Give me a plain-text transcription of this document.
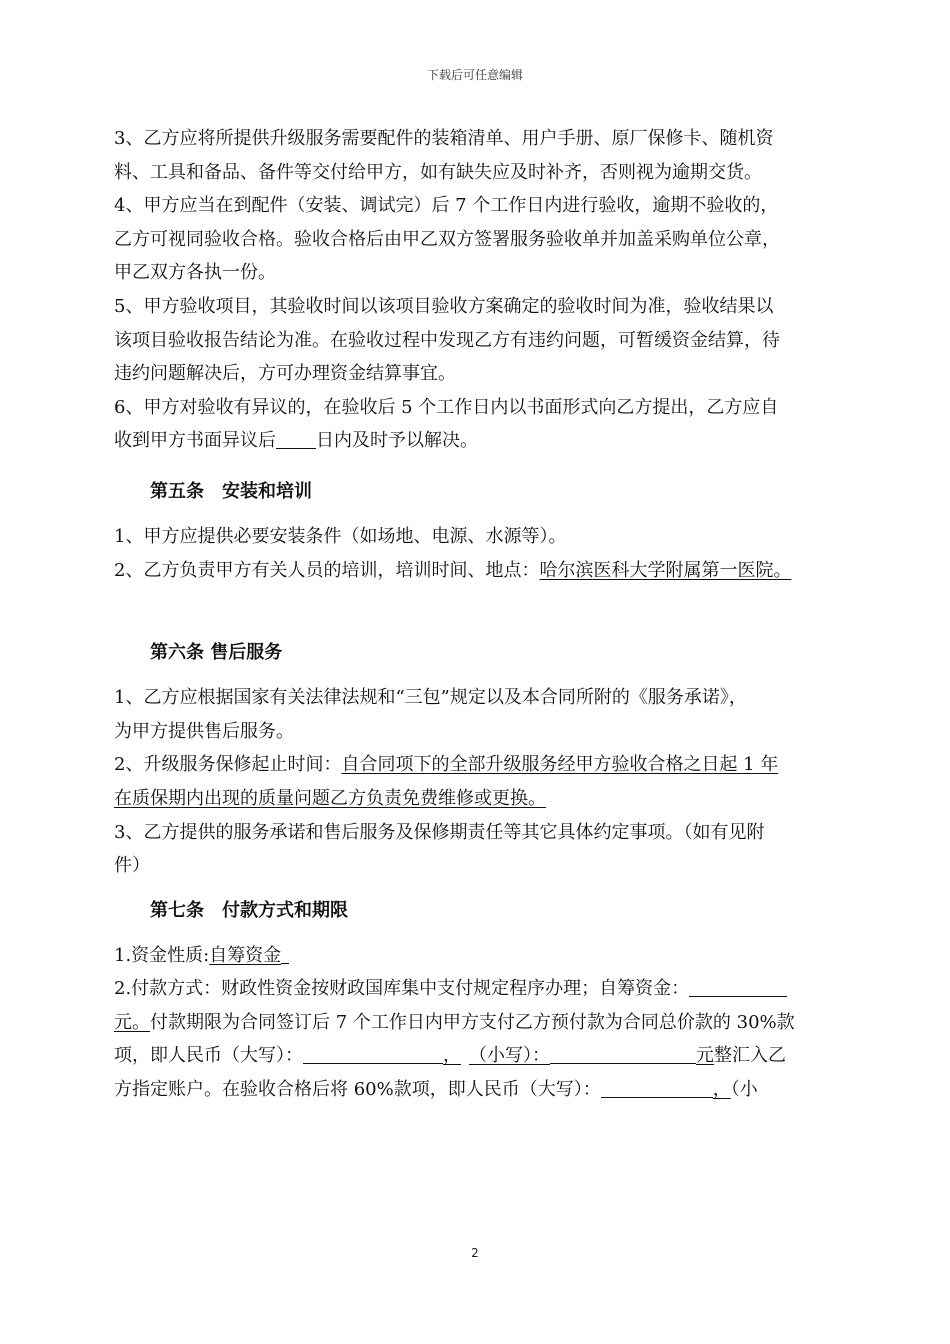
下载后可任意编辑
3、乙方应将所提供升级服务需要配件的装箱清单、用户手册、原厂保修卡、随机资
料、工具和备品、备件等交付给甲方，如有缺失应及时补齐，否则视为逾期交货。
4、甲方应当在到配件（安装、调试完）后 7 个工作日内进行验收，逾期不验收的，
乙方可视同验收合格。验收合格后由甲乙双方签署服务验收单并加盖采购单位公章，
甲乙双方各执一份。
5、甲方验收项目，其验收时间以该项目验收方案确定的验收时间为准，验收结果以
该项目验收报告结论为准。在验收过程中发现乙方有违约问题，可暂缓资金结算，待
违约问题解决后，方可办理资金结算事宜。
6、甲方对验收有异议的，在验收后 5 个工作日内以书面形式向乙方提出，乙方应自
收到甲方书面异议后 日内及时予以解决。
第五条　安装和培训
1、甲方应提供必要安装条件（如场地、电源、水源等）。
2、乙方负责甲方有关人员的培训，培训时间、地点：哈尔滨医科大学附属第一医院。
第六条 售后服务
1、乙方应根据国家有关法律法规和“三包”规定以及本合同所附的《服务承诺》，
为甲方提供售后服务。
2、升级服务保修起止时间：自合同项下的全部升级服务经甲方验收合格之日起 1 年
在质保期内出现的质量问题乙方负责免费维修或更换。
3、乙方提供的服务承诺和售后服务及保修期责任等其它具体约定事项。（如有见附
件）
第七条　付款方式和期限
1.资金性质:自筹资金
2.付款方式：财政性资金按财政国库集中支付规定程序办理；自筹资金：
元。付款期限为合同签订后 7 个工作日内甲方支付乙方预付款为合同总价款的 30%款
项，即人民币（大写）：	， （小写）：	元整汇入乙
方指定账户。在验收合格后将 60%款项，即人民币（大写）：	，（小
2
